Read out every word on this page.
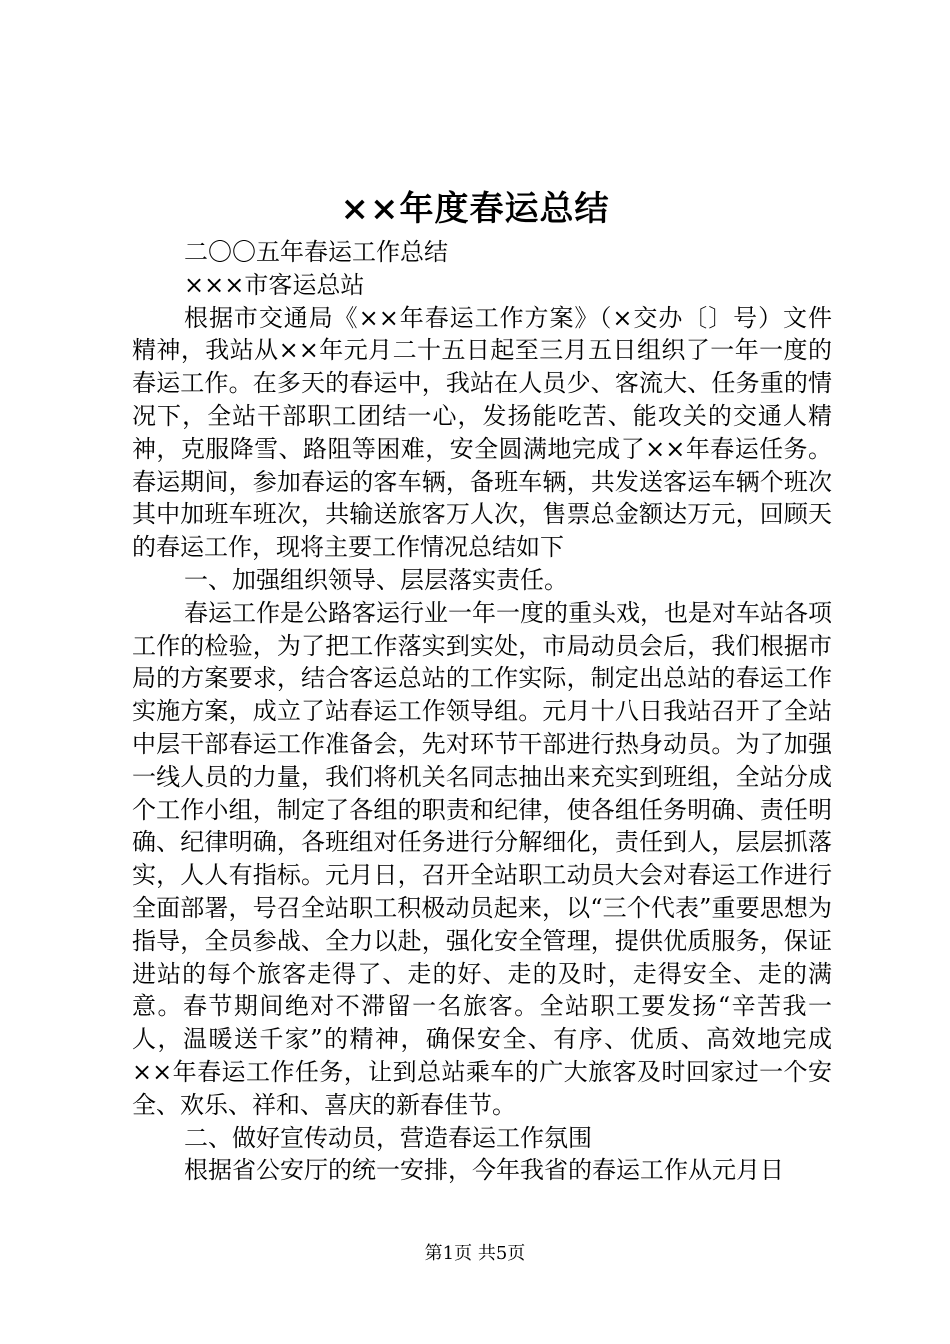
××年度春运总结

二〇〇五年春运工作总结

×××市客运总站

根据市交通局《××年春运工作方案》（×交办〔〕号）文件精神，我站从××年元月二十五日起至三月五日组织了一年一度的春运工作。在多天的春运中，我站在人员少、客流大、任务重的情况下，全站干部职工团结一心，发扬能吃苦、能攻关的交通人精神，克服降雪、路阻等困难，安全圆满地完成了××年春运任务。春运期间，参加春运的客车辆，备班车辆，共发送客运车辆个班次其中加班车班次，共输送旅客万人次，售票总金额达万元，回顾天的春运工作，现将主要工作情况总结如下

一、加强组织领导、层层落实责任。

春运工作是公路客运行业一年一度的重头戏，也是对车站各项工作的检验，为了把工作落实到实处，市局动员会后，我们根据市局的方案要求，结合客运总站的工作实际，制定出总站的春运工作实施方案，成立了站春运工作领导组。元月十八日我站召开了全站中层干部春运工作准备会，先对环节干部进行热身动员。为了加强一线人员的力量，我们将机关名同志抽出来充实到班组，全站分成个工作小组，制定了各组的职责和纪律，使各组任务明确、责任明确、纪律明确，各班组对任务进行分解细化，责任到人，层层抓落实，人人有指标。元月日，召开全站职工动员大会对春运工作进行全面部署，号召全站职工积极动员起来，以“三个代表”重要思想为指导，全员参战、全力以赴，强化安全管理，提供优质服务，保证进站的每个旅客走得了、走的好、走的及时，走得安全、走的满意。春节期间绝对不滞留一名旅客。全站职工要发扬“辛苦我一人，温暖送千家”的精神，确保安全、有序、优质、高效地完成××年春运工作任务，让到总站乘车的广大旅客及时回家过一个安全、欢乐、祥和、喜庆的新春佳节。

二、做好宣传动员，营造春运工作氛围

根据省公安厅的统一安排，今年我省的春运工作从元月日

第1页 共5页
